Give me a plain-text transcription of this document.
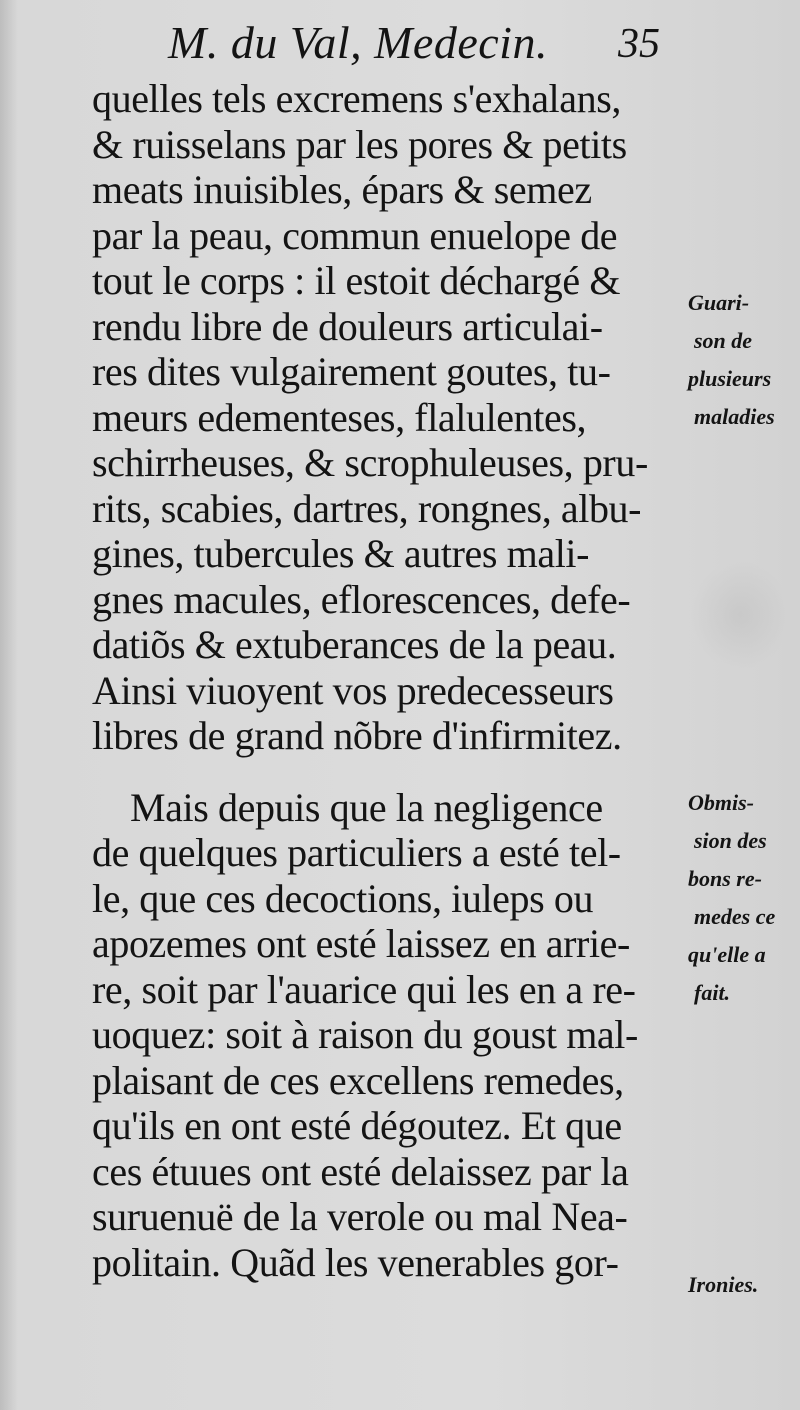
M. du Val, Medecin. 35
quelles tels excremens s'exhalans,
& ruisselans par les pores & petits
meats inuisibles, épars & semez
par la peau, commun enuelope de
tout le corps : il estoit déchargé &
rendu libre de douleurs articulai-
res dites vulgairement goutes, tu-
meurs edementeses, flalulentes,
schirrheuses, & scrophuleuses, pru-
rits, scabies, dartres, rongnes, albu-
gines, tubercules & autres mali-
gnes macules, eflorescences, defe-
datiõs & extuberances de la peau.
Ainsi viuoyent vos predecesseurs
libres de grand nõbre d'infirmitez.
Mais depuis que la negligence
de quelques particuliers a esté tel-
le, que ces decoctions, iuleps ou
apozemes ont esté laissez en arrie-
re, soit par l'auarice qui les en a re-
uoquez: soit à raison du goust mal-
plaisant de ces excellens remedes,
qu'ils en ont esté dégoutez. Et que
ces étuues ont esté delaissez par la
suruenuë de la verole ou mal Nea-
politain. Quãd les venerables gor-
Guari-
son de
plusieurs
maladies
Obmis-
sion des
bons re-
medes ce
qu'elle a
fait.
Ironies.
